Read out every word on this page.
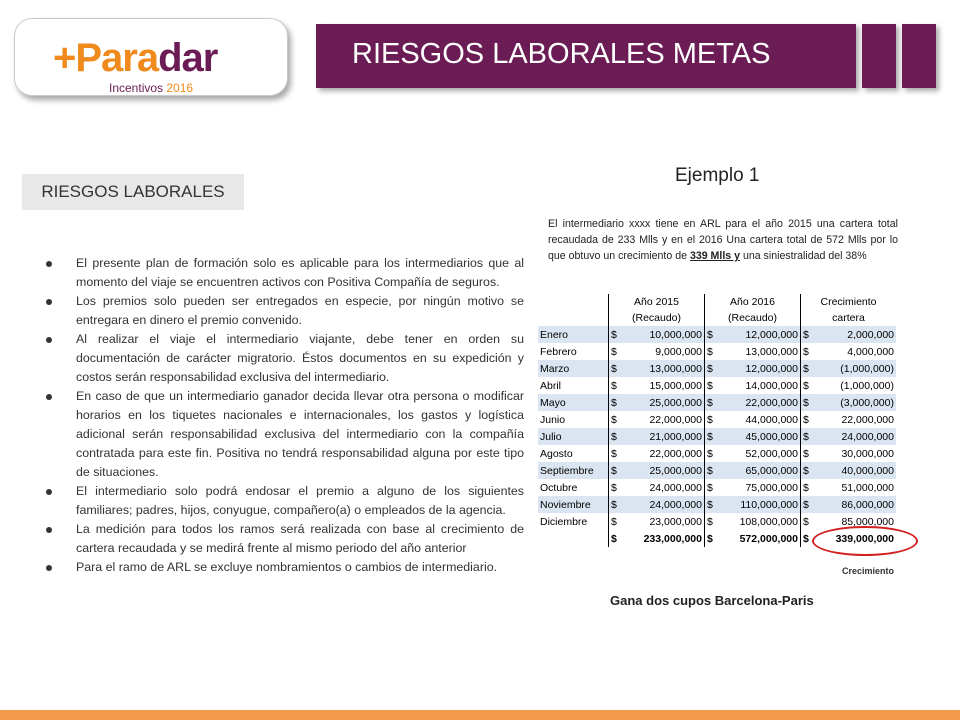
+Paradar
Incentivos 2016
RIESGOS LABORALES METAS
RIESGOS LABORALES
El presente plan de formación solo es aplicable para los intermediarios que al momento del viaje se encuentren activos con Positiva Compañía de seguros.
Los premios solo pueden ser entregados en especie, por ningún motivo se entregara en dinero el premio convenido.
Al realizar el viaje el intermediario viajante, debe tener en orden su documentación de carácter migratorio. Éstos documentos en su expedición y costos serán responsabilidad exclusiva del intermediario.
En caso de que un intermediario ganador decida llevar otra persona o modificar horarios en los tiquetes nacionales e internacionales, los gastos y logística adicional serán responsabilidad exclusiva del intermediario con la compañía contratada para este fin. Positiva no tendrá responsabilidad alguna por este tipo de situaciones.
El intermediario solo podrá endosar el premio a alguno de los siguientes familiares; padres, hijos, conyugue, compañero(a) o empleados de la agencia.
La medición para todos los ramos será realizada con base al crecimiento de cartera recaudada y se medirá frente al mismo periodo del año anterior
Para el ramo de ARL se excluye nombramientos o cambios de intermediario.
Ejemplo 1
El intermediario xxxx tiene en ARL para el año 2015 una cartera total recaudada de 233 Mlls y en el 2016 Una cartera total de 572 Mlls por lo que obtuvo un crecimiento de 339 Mlls y una siniestralidad del 38%
	Año 2015		Año 2016		Crecimiento	
	(Recaudo)		(Recaudo)		cartera	
Enero	$	10,000,000	$	12,000,000	$	2,000,000
Febrero	$	9,000,000	$	13,000,000	$	4,000,000
Marzo	$	13,000,000	$	12,000,000	$	(1,000,000)
Abril	$	15,000,000	$	14,000,000	$	(1,000,000)
Mayo	$	25,000,000	$	22,000,000	$	(3,000,000)
Junio	$	22,000,000	$	44,000,000	$	22,000,000
Julio	$	21,000,000	$	45,000,000	$	24,000,000
Agosto	$	22,000,000	$	52,000,000	$	30,000,000
Septiembre	$	25,000,000	$	65,000,000	$	40,000,000
Octubre	$	24,000,000	$	75,000,000	$	51,000,000
Noviembre	$	24,000,000	$	110,000,000	$	86,000,000
Diciembre	$	23,000,000	$	108,000,000	$	85,000,000
	$	233,000,000	$	572,000,000	$	339,000,000
Crecimiento
Gana dos cupos Barcelona-Paris
